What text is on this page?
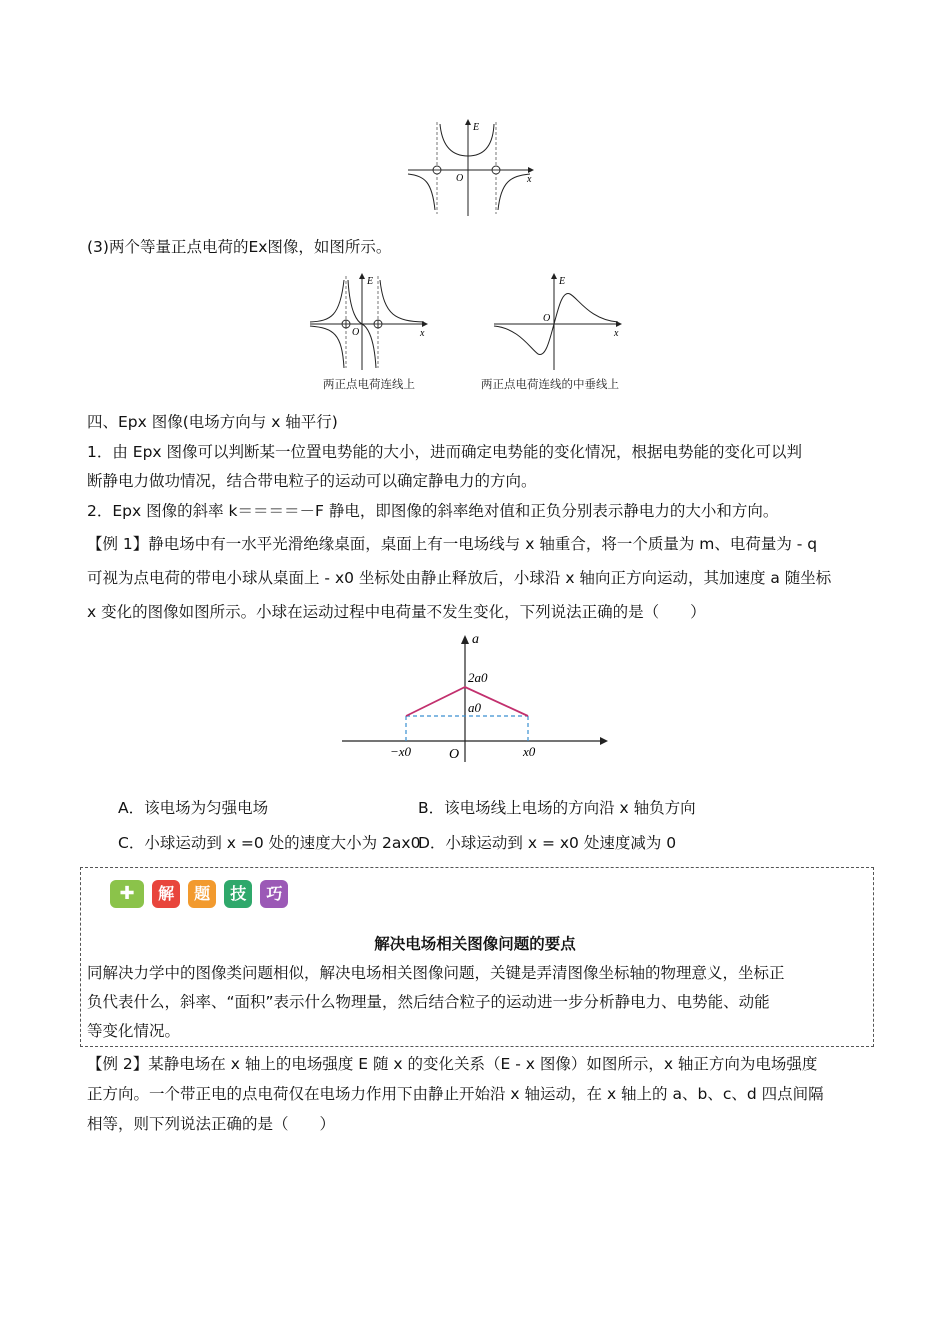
E
x
O
(3)两个等量正点电荷的Ex图像，如图所示。
E
x
O
两正点电荷连线上
E
x
O
两正点电荷连线的中垂线上
四、Epx 图像(电场方向与 x 轴平行)
1．由 Epx 图像可以判断某一位置电势能的大小，进而确定电势能的变化情况，根据电势能的变化可以判
断静电力做功情况，结合带电粒子的运动可以确定静电力的方向。
2．Epx 图像的斜率 k＝＝＝＝－F 静电，即图像的斜率绝对值和正负分别表示静电力的大小和方向。
【例 1】静电场中有一水平光滑绝缘桌面，桌面上有一电场线与 x 轴重合，将一个质量为 m、电荷量为 - q
可视为点电荷的带电小球从桌面上 - x0 坐标处由静止释放后，小球沿 x 轴向正方向运动，其加速度 a 随坐标
x 变化的图像如图所示。小球在运动过程中电荷量不发生变化，下列说法正确的是（　　）
a
2a0
a0
−x0	x0
O
A．该电场为匀强电场	B．该电场线上电场的方向沿 x 轴负方向
C．小球运动到 x =0 处的速度大小为 2ax0
D．小球运动到 x = x0 处速度减为 0
✚ 解 题 技 巧
解决电场相关图像问题的要点
同解决力学中的图像类问题相似，解决电场相关图像问题，关键是弄清图像坐标轴的物理意义，坐标正
负代表什么，斜率、“面积”表示什么物理量，然后结合粒子的运动进一步分析静电力、电势能、动能
等变化情况。
【例 2】某静电场在 x 轴上的电场强度 E 随 x 的变化关系（E - x 图像）如图所示，x 轴正方向为电场强度
正方向。一个带正电的点电荷仅在电场力作用下由静止开始沿 x 轴运动，在 x 轴上的 a、b、c、d 四点间隔
相等，则下列说法正确的是（　　）
